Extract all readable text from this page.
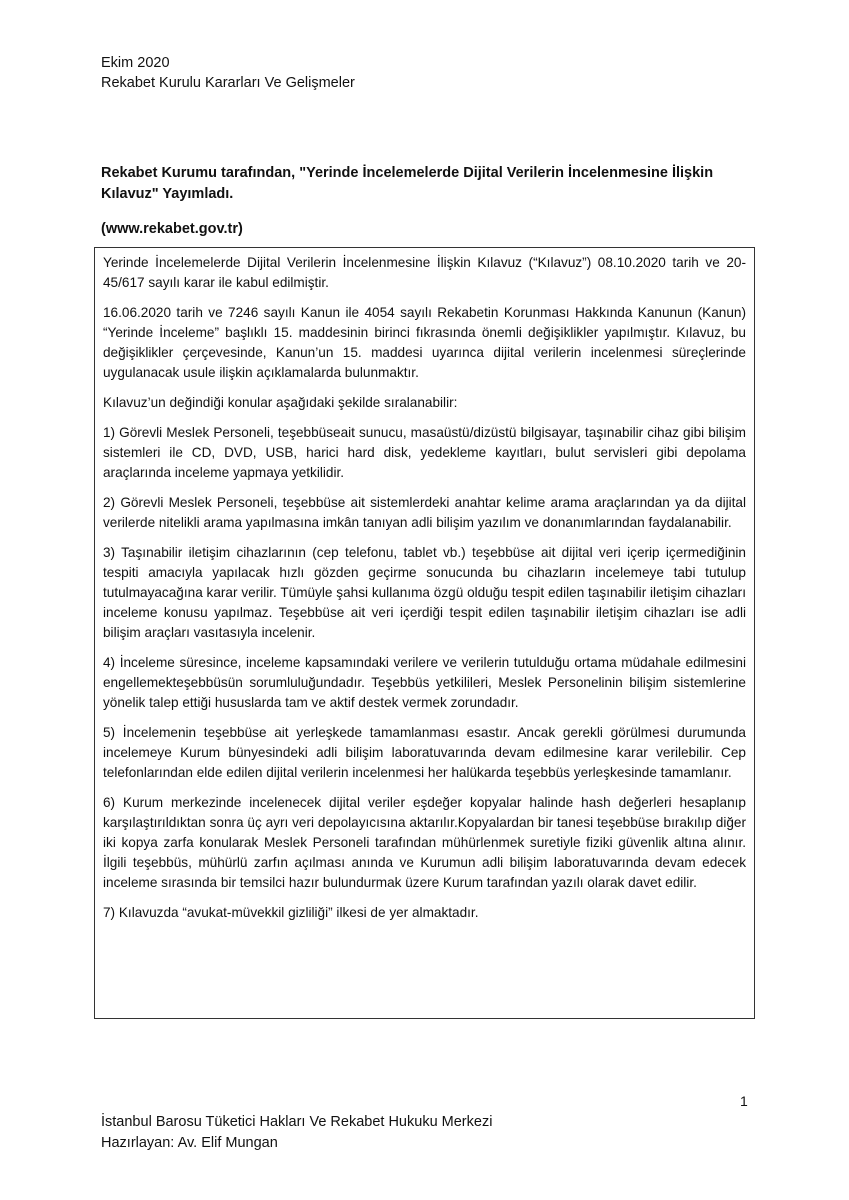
Ekim 2020
Rekabet Kurulu Kararları Ve Gelişmeler
Rekabet Kurumu tarafından, "Yerinde İncelemelerde Dijital Verilerin İncelenmesine İlişkin Kılavuz" Yayımladı.
(www.rekabet.gov.tr)

Yerinde İncelemelerde Dijital Verilerin İncelenmesine İlişkin Kılavuz (“Kılavuz”) 08.10.2020 tarih ve 20-45/617 sayılı karar ile kabul edilmiştir.

16.06.2020 tarih ve 7246 sayılı Kanun ile 4054 sayılı Rekabetin Korunması Hakkında Kanunun (Kanun) “Yerinde İnceleme” başlıklı 15. maddesinin birinci fıkrasında önemli değişiklikler yapılmıştır. Kılavuz, bu değişiklikler çerçevesinde, Kanun’un 15. maddesi uyarınca dijital verilerin incelenmesi süreçlerinde uygulanacak usule ilişkin açıklamalarda bulunmaktır.

Kılavuz’un değindiği konular aşağıdaki şekilde sıralanabilir:

1) Görevli Meslek Personeli, teşebbüseait sunucu, masaüstü/dizüstü bilgisayar, taşınabilir cihaz gibi bilişim sistemleri ile CD, DVD, USB, harici hard disk, yedekleme kayıtları, bulut servisleri gibi depolama araçlarında inceleme yapmaya yetkilidir.

2) Görevli Meslek Personeli, teşebbüse ait sistemlerdeki anahtar kelime arama araçlarından ya da dijital verilerde nitelikli arama yapılmasına imkân tanıyan adli bilişim yazılım ve donanımlarından faydalanabilir.

3) Taşınabilir iletişim cihazlarının (cep telefonu, tablet vb.) teşebbüse ait dijital veri içerip içermediğinin tespiti amacıyla yapılacak hızlı gözden geçirme sonucunda bu cihazların incelemeye tabi tutulup tutulmayacağına karar verilir. Tümüyle şahsi kullanıma özgü olduğu tespit edilen taşınabilir iletişim cihazları inceleme konusu yapılmaz. Teşebbüse ait veri içerdiği tespit edilen taşınabilir iletişim cihazları ise adli bilişim araçları vasıtasıyla incelenir.

4) İnceleme süresince, inceleme kapsamındaki verilere ve verilerin tutulduğu ortama müdahale edilmesini engellemekteşebbüsün sorumluluğundadır. Teşebbüs yetkilileri, Meslek Personelinin bilişim sistemlerine yönelik talep ettiği hususlarda tam ve aktif destek vermek zorundadır.

5) İncelemenin teşebbüse ait yerleşkede tamamlanması esastır. Ancak gerekli görülmesi durumunda incelemeye Kurum bünyesindeki adli bilişim laboratuvarında devam edilmesine karar verilebilir. Cep telefonlarından elde edilen dijital verilerin incelenmesi her halükarda teşebbüs yerleşkesinde tamamlanır.

6) Kurum merkezinde incelenecek dijital veriler eşdeğer kopyalar halinde hash değerleri hesaplanıp karşılaştırıldıktan sonra üç ayrı veri depolayıcısına aktarılır.Kopyalardan bir tanesi teşebbüse bırakılıp diğer iki kopya zarfa konularak Meslek Personeli tarafından mühürlenmek suretiyle fiziki güvenlik altına alınır. İlgili teşebbüs, mühürlü zarfın açılması anında ve Kurumun adli bilişim laboratuvarında devam edecek inceleme sırasında bir temsilci hazır bulundurmak üzere Kurum tarafından yazılı olarak davet edilir.

7) Kılavuzda “avukat-müvekkil gizliliği” ilkesi de yer almaktadır.

1
İstanbul Barosu Tüketici Hakları Ve Rekabet Hukuku Merkezi
Hazırlayan: Av. Elif Mungan
